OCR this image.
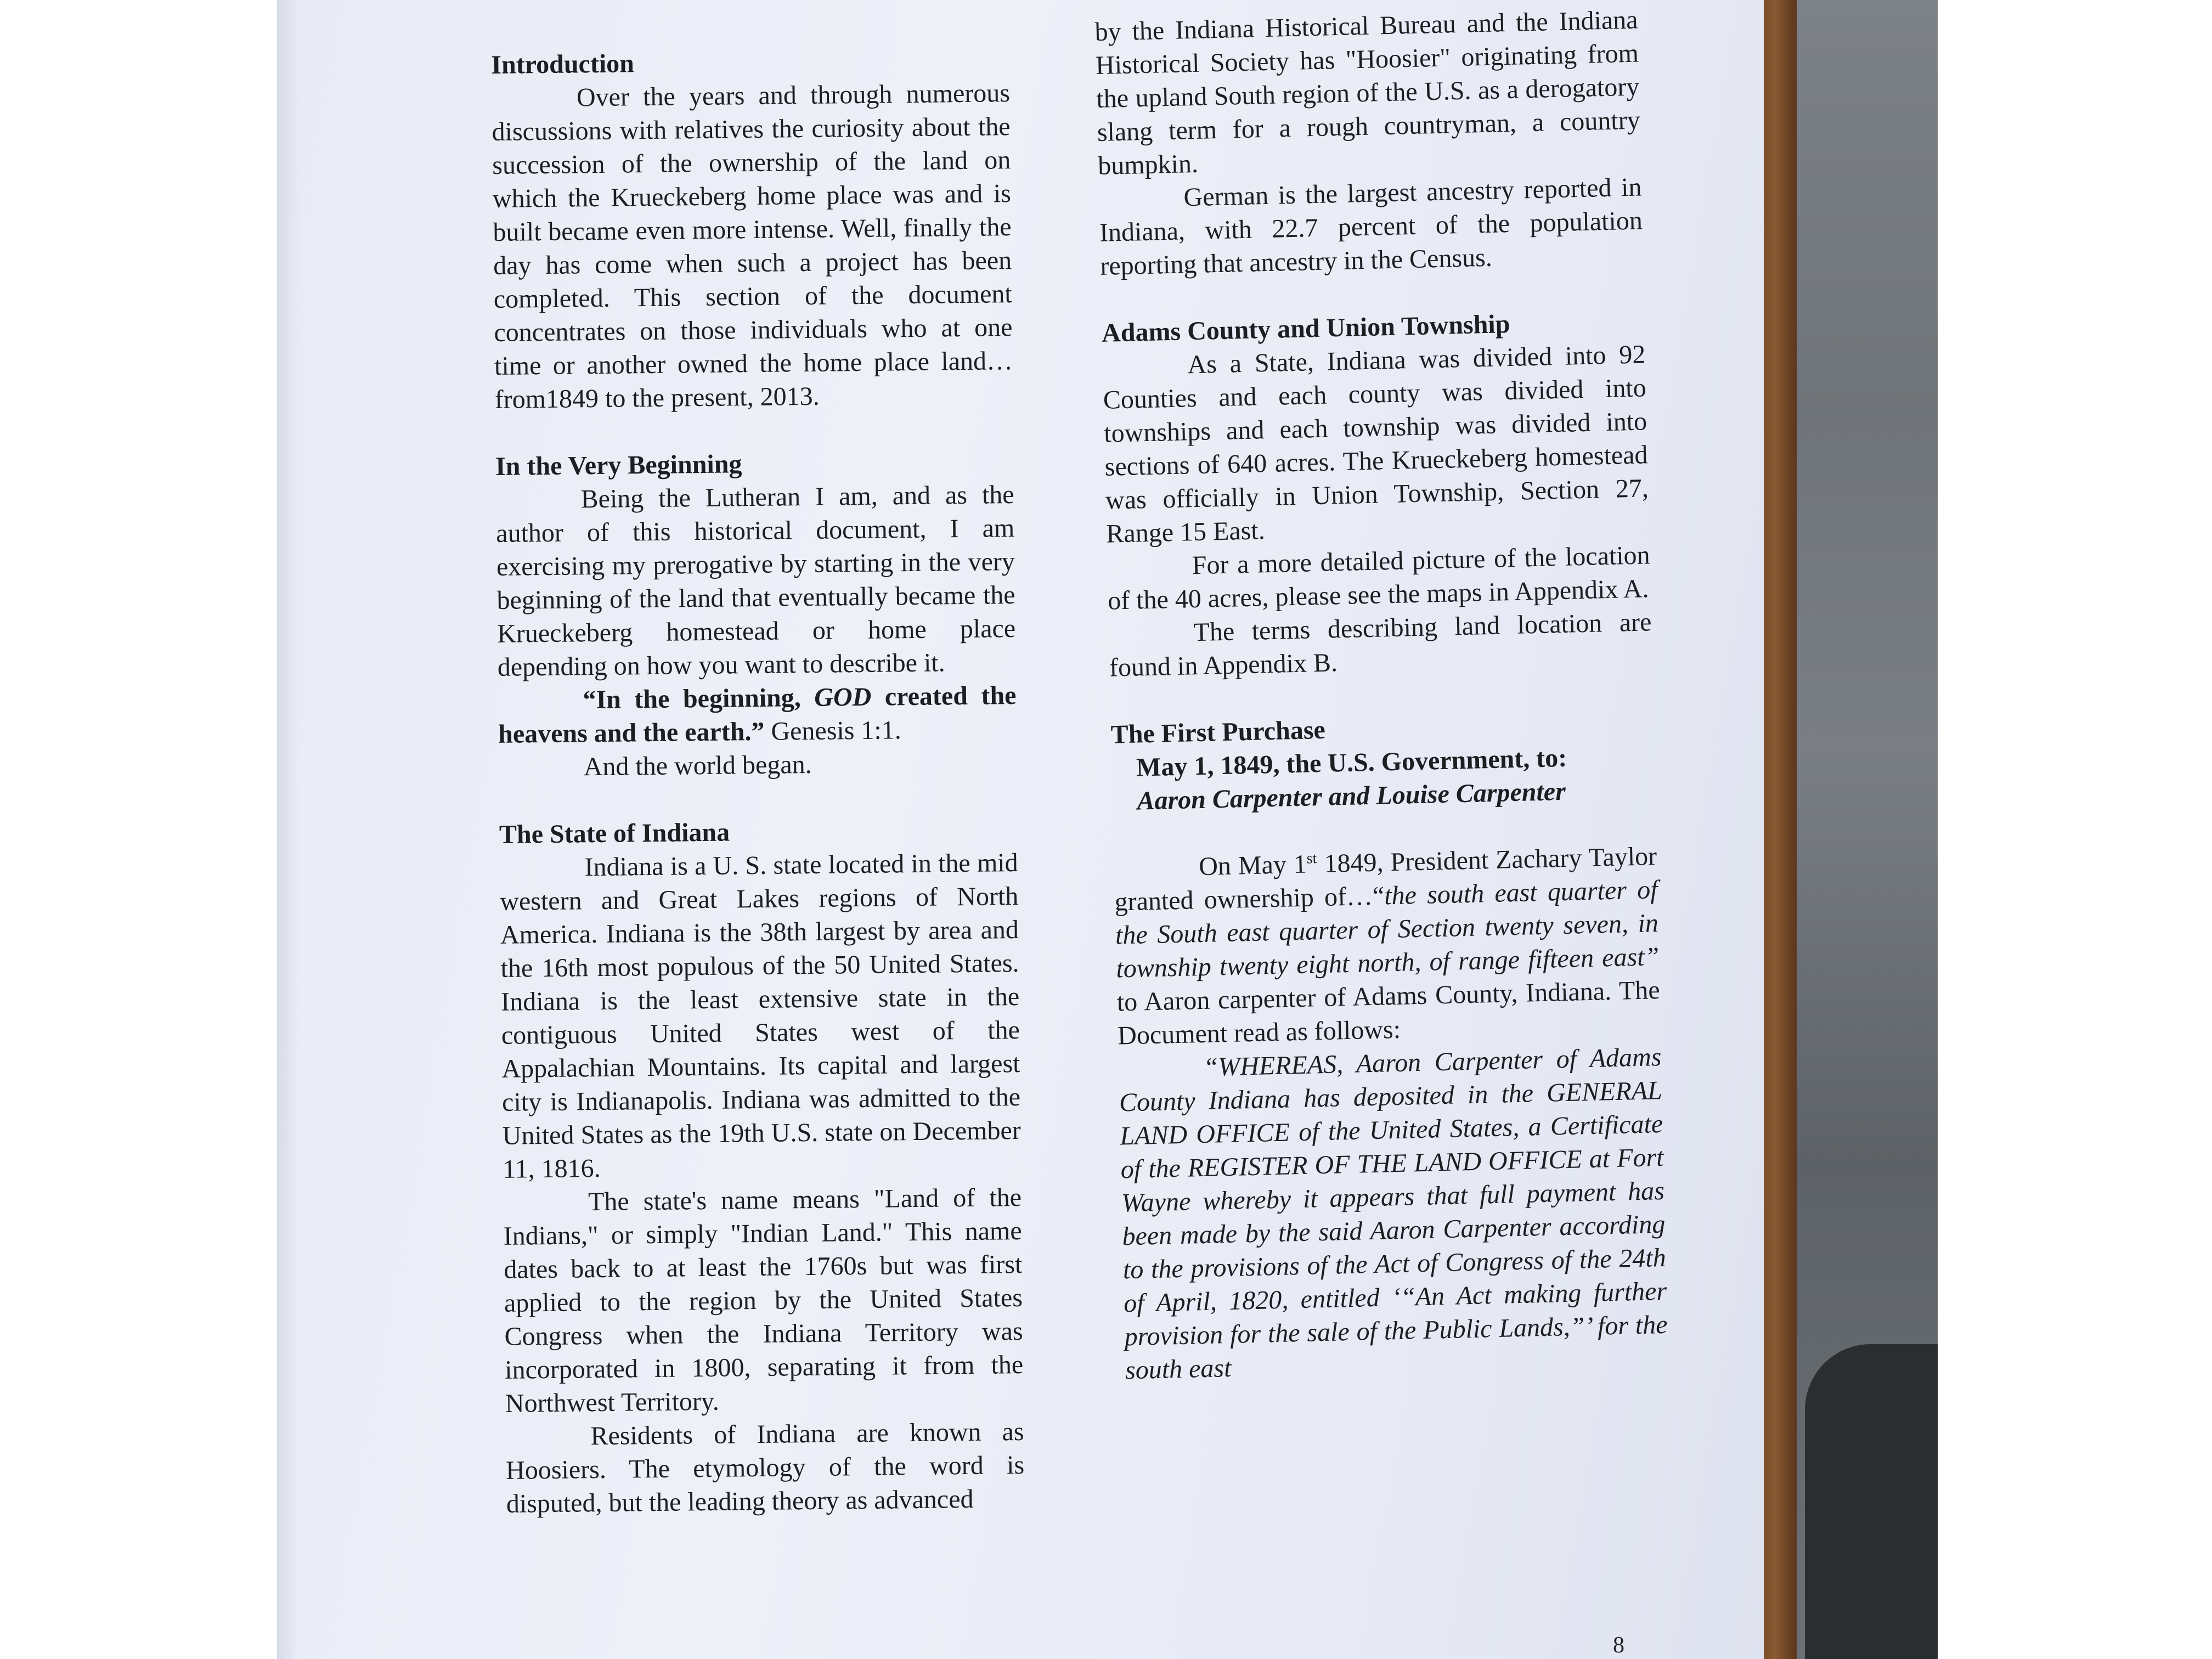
Introduction

Over the years and through numerous discussions with relatives the curiosity about the succession of the ownership of the land on which the Krueckeberg home place was and is built became even more intense. Well, finally the day has come when such a project has been completed. This section of the document concentrates on those individuals who at one time or another owned the home place land…from1849 to the present, 2013.

In the Very Beginning

Being the Lutheran I am, and as the author of this historical document, I am exercising my prerogative by starting in the very beginning of the land that eventually became the Krueckeberg homestead or home place depending on how you want to describe it.

“In the beginning, GOD created the heavens and the earth.” Genesis 1:1.

And the world began.

The State of Indiana

Indiana is a U. S. state located in the mid western and Great Lakes regions of North America. Indiana is the 38th largest by area and the 16th most populous of the 50 United States. Indiana is the least extensive state in the contiguous United States west of the Appalachian Mountains. Its capital and largest city is Indianapolis. Indiana was admitted to the United States as the 19th U.S. state on December 11, 1816.

The state's name means "Land of the Indians," or simply "Indian Land." This name dates back to at least the 1760s but was first applied to the region by the United States Congress when the Indiana Territory was incorporated in 1800, separating it from the Northwest Territory.

Residents of Indiana are known as Hoosiers. The etymology of the word is disputed, but the leading theory as advanced

by the Indiana Historical Bureau and the Indiana Historical Society has "Hoosier" originating from the upland South region of the U.S. as a derogatory slang term for a rough countryman, a country bumpkin.

German is the largest ancestry reported in Indiana, with 22.7 percent of the population reporting that ancestry in the Census.

Adams County and Union Township

As a State, Indiana was divided into 92 Counties and each county was divided into townships and each township was divided into sections of 640 acres. The Krueckeberg homestead was officially in Union Township, Section 27, Range 15 East.

For a more detailed picture of the location of the 40 acres, please see the maps in Appendix A.

The terms describing land location are found in Appendix B.

The First Purchase
May 1, 1849, the U.S. Government, to:
Aaron Carpenter and Louise Carpenter

On May 1st 1849, President Zachary Taylor granted ownership of…“the south east quarter of the South east quarter of Section twenty seven, in township twenty eight north, of range fifteen east” to Aaron carpenter of Adams County, Indiana. The Document read as follows:

“WHEREAS, Aaron Carpenter of Adams County Indiana has deposited in the GENERAL LAND OFFICE of the United States, a Certificate of the REGISTER OF THE LAND OFFICE at Fort Wayne whereby it appears that full payment has been made by the said Aaron Carpenter according to the provisions of the Act of Congress of the 24th of April, 1820, entitled ‘“An Act making further provision for the sale of the Public Lands,”’ for the south east

8
